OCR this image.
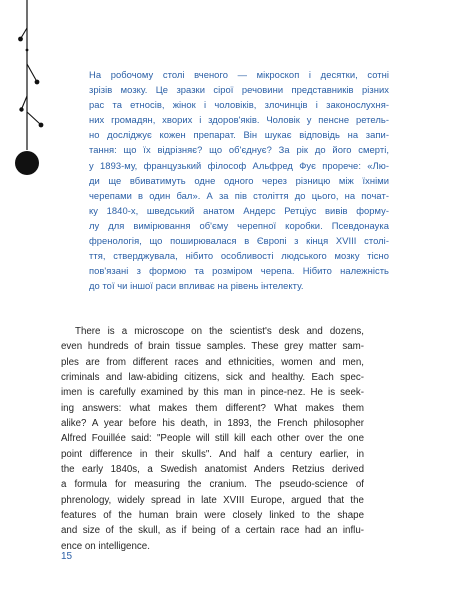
На робочому столі вченого — мікроскоп і десятки, сотні
зрізів мозку. Це зразки сірої речовини представників різних
рас та етносів, жінок і чоловіків, злочинців і законослухня-
них громадян, хворих і здоров'яків. Чоловік у пенсне ретель-
но досліджує кожен препарат. Він шукає відповідь на запи-
тання: що їх відрізняє? що об'єднує? За рік до його смерті,
у 1893-му, французький філософ Альфред Фує прорече: «Лю-
ди ще вбиватимуть одне одного через різницю між їхніми
черепами в один бал». А за пів століття до цього, на почат-
ку 1840-х, шведський анатом Андерс Ретціус вивів форму-
лу для вимірювання об'єму черепної коробки. Псевдонаука
френологія, що поширювалася в Європі з кінця XVIII столі-
ття, стверджувала, нібито особливості людського мозку тісно
пов'язані з формою та розміром черепа. Нібито належність
до тої чи іншої раси впливає на рівень інтелекту.
There is a microscope on the scientist's desk and dozens,
even hundreds of brain tissue samples. These grey matter sam-
ples are from different races and ethnicities, women and men,
criminals and law-abiding citizens, sick and healthy. Each spec-
imen is carefully examined by this man in pince-nez. He is seek-
ing answers: what makes them different? What makes them
alike? A year before his death, in 1893, the French philosopher
Alfred Fouillée said: "People will still kill each other over the one
point difference in their skulls". And half a century earlier, in
the early 1840s, a Swedish anatomist Anders Retzius derived
a formula for measuring the cranium. The pseudo-science of
phrenology, widely spread in late XVIII Europe, argued that the
features of the human brain were closely linked to the shape
and size of the skull, as if being of a certain race had an influ-
ence on intelligence.
15
